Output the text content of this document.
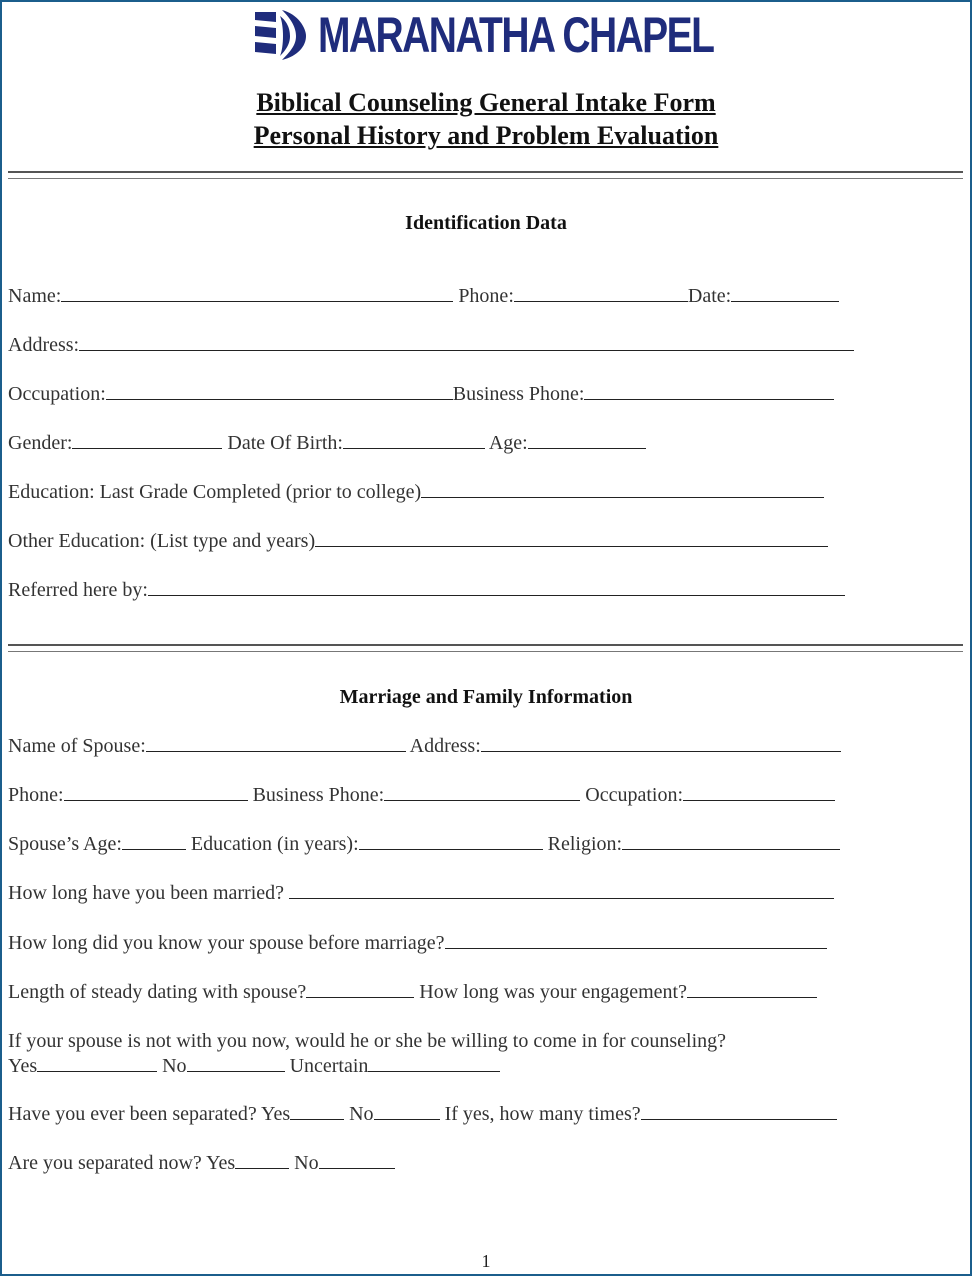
MARANATHA CHAPEL
Biblical Counseling General Intake Form
Personal History and Problem Evaluation
Identification Data
Name:	Phone:	Date:
Address:
Occupation:	Business Phone:
Gender:	Date Of Birth:	Age:
Education: Last Grade Completed (prior to college)
Other Education: (List type and years)
Referred here by:
Marriage and Family Information
Name of Spouse:	Address:
Phone:	Business Phone:	Occupation:
Spouse’s Age:	Education (in years):	Religion:
How long have you been married?
How long did you know your spouse before marriage?
Length of steady dating with spouse?	How long was your engagement?
If your spouse is not with you now, would he or she be willing to come in for counseling?
Yes	No	Uncertain
Have you ever been separated? Yes	No	If yes, how many times?
Are you separated now? Yes	No
1
